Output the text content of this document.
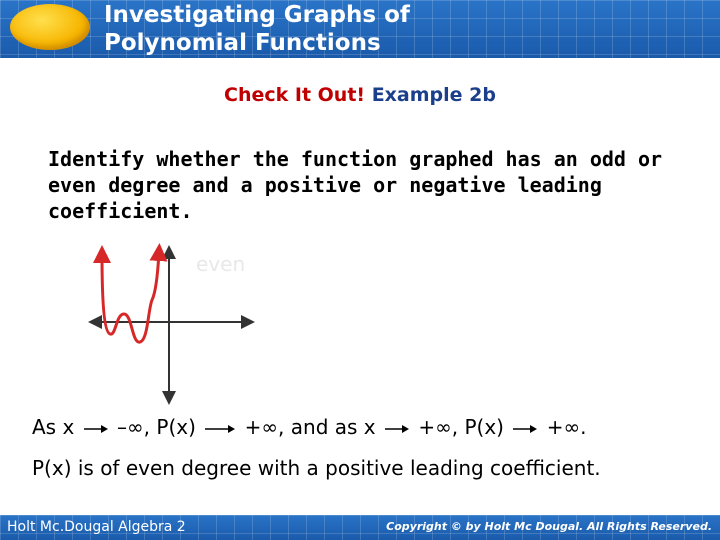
Investigating Graphs of
Polynomial Functions
Check It Out! Example 2b
Identify whether the function graphed has an odd or even degree and a positive or negative leading coefficient.
even
As x –∞, P(x) +∞, and as x +∞, P(x) +∞.
P(x) is of even degree with a positive leading coefficient.
Holt Mc.Dougal Algebra 2	Copyright © by Holt Mc Dougal. All Rights Reserved.
